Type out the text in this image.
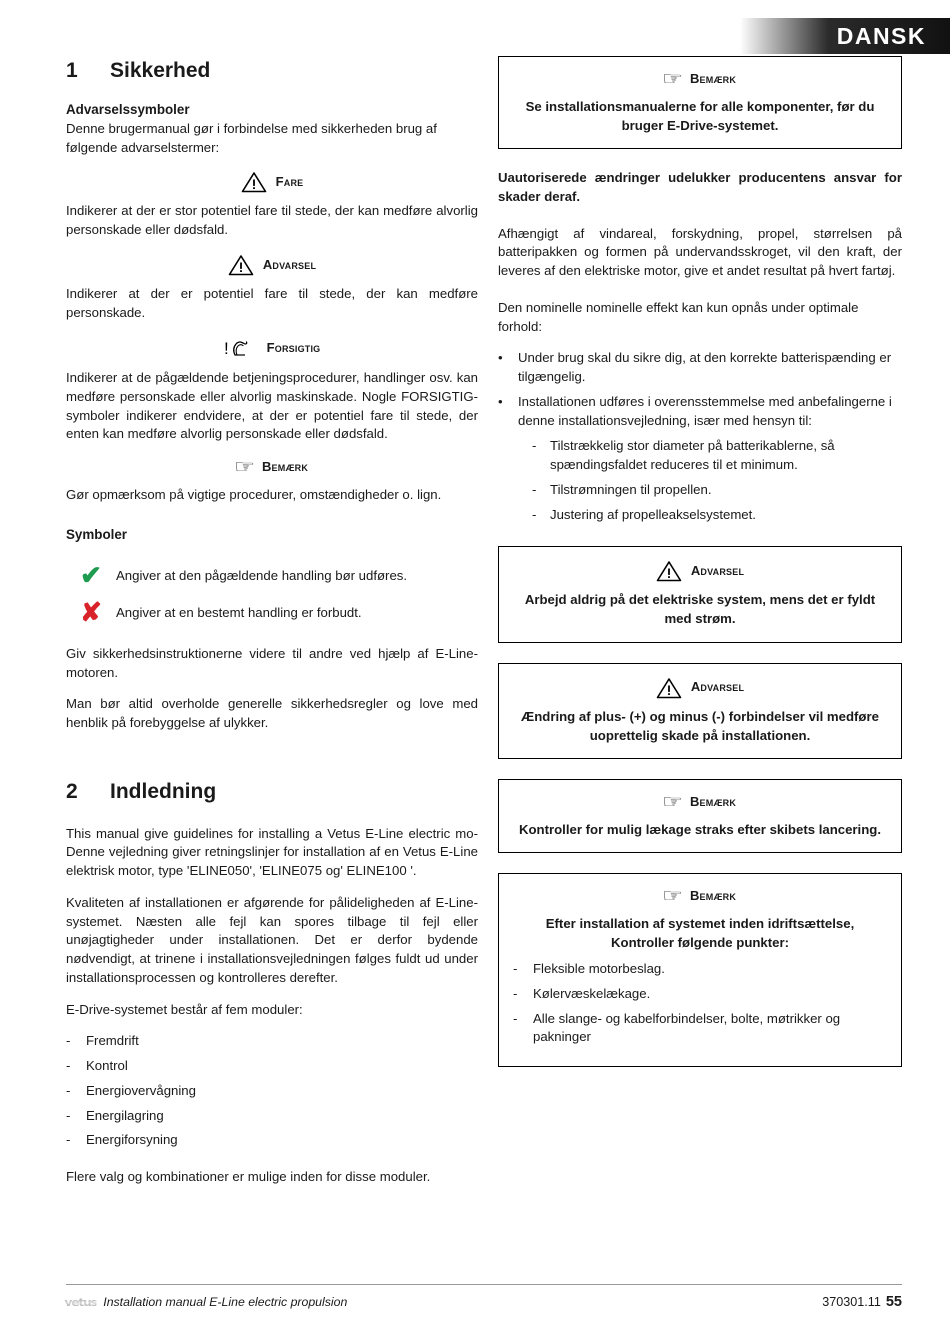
DANSK
1	Sikkerhed
Advarselssymboler

Denne brugermanual gør i forbindelse med sikkerheden brug af følgende advarselstermer:

Fare

Indikerer at der er stor potentiel fare til stede, der kan medføre alvorlig personskade eller dødsfald.

Advarsel

Indikerer at der er potentiel fare til stede, der kan medføre personskade.

!	Forsigtig

Indikerer at de pågældende betjeningsprocedurer, handlinger osv. kan medføre personskade eller alvorlig maskinskade. Nogle FORSIGTIG-symboler indikerer endvidere, at der er potentiel fare til stede, der enten kan medføre alvorlig personskade eller dødsfald.

☞ Bemærk

Gør opmærksom på vigtige procedurer, omstændigheder o. lign.

Symboler
✔	Angiver at den pågældende handling bør udføres.
✘	Angiver at en bestemt handling er forbudt.

Giv sikkerhedsinstruktionerne videre til andre ved hjælp af E-Line-motoren.

Man bør altid overholde generelle sikkerhedsregler og love med henblik på forebyggelse af ulykker.

2	Indledning

This manual give guidelines for installing a Vetus E-Line electric mo- Denne vejledning giver retningslinjer for installation af en Vetus E-Line elektrisk motor, type 'ELINE050', 'ELINE075 og' ELINE100 '.

Kvaliteten af installationen er afgørende for pålideligheden af E-Line-systemet. Næsten alle fejl kan spores tilbage til fejl eller unøjagtigheder under installationen. Det er derfor bydende nødvendigt, at trinene i installationsvejledningen følges fuldt ud under installationsprocessen og kontrolleres derefter.

E-Drive-systemet består af fem moduler:

-	Fremdrift
-	Kontrol
-	Energiovervågning
-	Energilagring
-	Energiforsyning

Flere valg og kombinationer er mulige inden for disse moduler.

☞ Bemærk
Se installationsmanualerne for alle komponenter, før du bruger E-Drive-systemet.

Uautoriserede ændringer udelukker producentens ansvar for skader deraf.

Afhængigt af vindareal, forskydning, propel, størrelsen på batteripakken og formen på undervandsskroget, vil den kraft, der leveres af den elektriske motor, give et andet resultat på hvert fartøj.

Den nominelle nominelle effekt kan kun opnås under optimale forhold:

•	Under brug skal du sikre dig, at den korrekte batterispænding er tilgængelig.
•	Installationen udføres i overensstemmelse med anbefalingerne i denne installationsvejledning, især med hensyn til:
-	Tilstrækkelig stor diameter på batterikablerne, så spændingsfaldet reduceres til et minimum.
-	Tilstrømningen til propellen.
-	Justering af propelleakselsystemet.
Advarsel
Arbejd aldrig på det elektriske system, mens det er fyldt med strøm.
Advarsel
Ændring af plus- (+) og minus (-) forbindelser vil medføre uoprettelig skade på installationen.
☞ Bemærk
Kontroller for mulig lækage straks efter skibets lancering.
☞ Bemærk
Efter installation af systemet inden idriftsættelse, Kontroller følgende punkter:
-	Fleksible motorbeslag.
-	Kølervæskelækage.
-	Alle slange- og kabelforbindelser, bolte, møtrikker og pakninger
vetus Installation manual E-Line electric propulsion	370301.11 55
